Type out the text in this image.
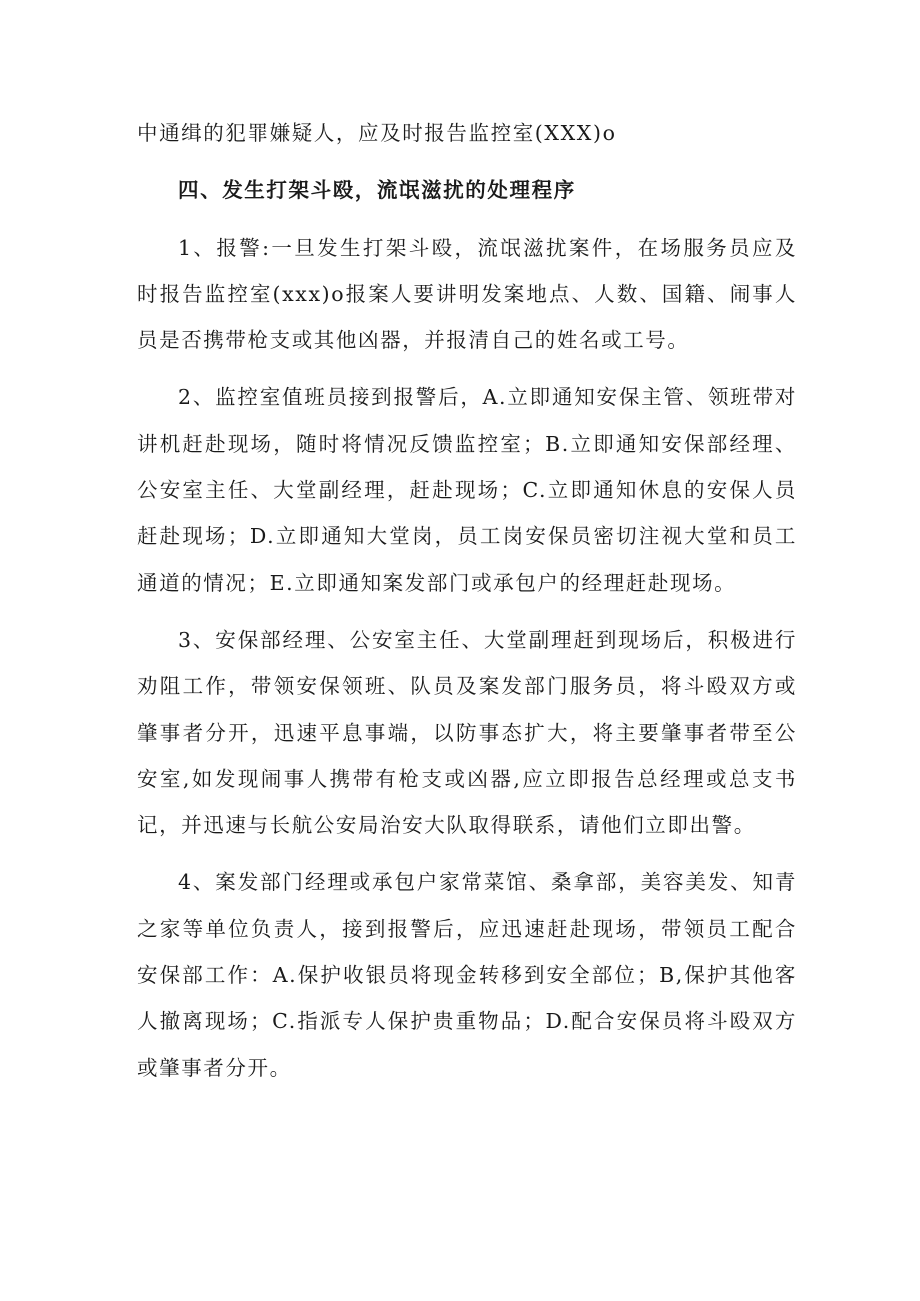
中通缉的犯罪嫌疑人，应及时报告监控室(XXX)o

四、发生打架斗殴，流氓滋扰的处理程序

1、报警:一旦发生打架斗殴，流氓滋扰案件，在场服务员应及时报告监控室(xxx)o报案人要讲明发案地点、人数、国籍、闹事人员是否携带枪支或其他凶器，并报清自己的姓名或工号。

2、监控室值班员接到报警后，A.立即通知安保主管、领班带对讲机赶赴现场，随时将情况反馈监控室；B.立即通知安保部经理、公安室主任、大堂副经理，赶赴现场；C.立即通知休息的安保人员赶赴现场；D.立即通知大堂岗，员工岗安保员密切注视大堂和员工通道的情况；E.立即通知案发部门或承包户的经理赶赴现场。

3、安保部经理、公安室主任、大堂副理赶到现场后，积极进行劝阻工作，带领安保领班、队员及案发部门服务员，将斗殴双方或肇事者分开，迅速平息事端，以防事态扩大，将主要肇事者带至公安室,如发现闹事人携带有枪支或凶器,应立即报告总经理或总支书记，并迅速与长航公安局治安大队取得联系，请他们立即出警。

4、案发部门经理或承包户家常菜馆、桑拿部，美容美发、知青之家等单位负责人，接到报警后，应迅速赶赴现场，带领员工配合安保部工作：A.保护收银员将现金转移到安全部位；B,保护其他客人撤离现场；C.指派专人保护贵重物品；D.配合安保员将斗殴双方或肇事者分开。
